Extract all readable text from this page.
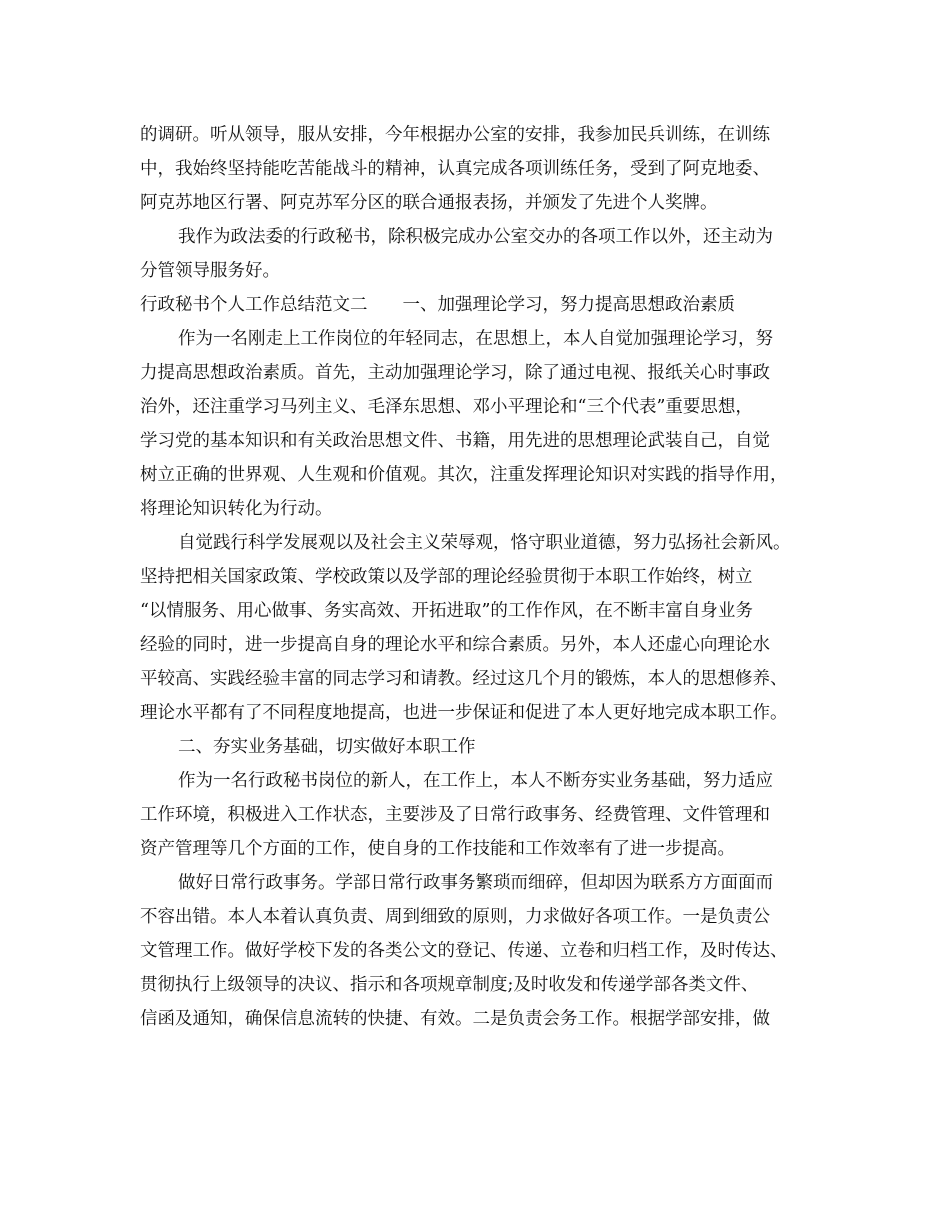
的调研。听从领导，服从安排，今年根据办公室的安排，我参加民兵训练，在训练
中，我始终坚持能吃苦能战斗的精神，认真完成各项训练任务，受到了阿克地委、
阿克苏地区行署、阿克苏军分区的联合通报表扬，并颁发了先进个人奖牌。
我作为政法委的行政秘书，除积极完成办公室交办的各项工作以外，还主动为
分管领导服务好。
行政秘书个人工作总结范文二　　一、加强理论学习，努力提高思想政治素质
作为一名刚走上工作岗位的年轻同志，在思想上，本人自觉加强理论学习，努
力提高思想政治素质。首先，主动加强理论学习，除了通过电视、报纸关心时事政
治外，还注重学习马列主义、毛泽东思想、邓小平理论和“三个代表”重要思想，
学习党的基本知识和有关政治思想文件、书籍，用先进的思想理论武装自己，自觉
树立正确的世界观、人生观和价值观。其次，注重发挥理论知识对实践的指导作用，
将理论知识转化为行动。
自觉践行科学发展观以及社会主义荣辱观，恪守职业道德，努力弘扬社会新风。
坚持把相关国家政策、学校政策以及学部的理论经验贯彻于本职工作始终，树立
“以情服务、用心做事、务实高效、开拓进取”的工作作风，在不断丰富自身业务
经验的同时，进一步提高自身的理论水平和综合素质。另外，本人还虚心向理论水
平较高、实践经验丰富的同志学习和请教。经过这几个月的锻炼，本人的思想修养、
理论水平都有了不同程度地提高，也进一步保证和促进了本人更好地完成本职工作。
二、夯实业务基础，切实做好本职工作
作为一名行政秘书岗位的新人，在工作上，本人不断夯实业务基础，努力适应
工作环境，积极进入工作状态，主要涉及了日常行政事务、经费管理、文件管理和
资产管理等几个方面的工作，使自身的工作技能和工作效率有了进一步提高。
做好日常行政事务。学部日常行政事务繁琐而细碎，但却因为联系方方面面而
不容出错。本人本着认真负责、周到细致的原则，力求做好各项工作。一是负责公
文管理工作。做好学校下发的各类公文的登记、传递、立卷和归档工作，及时传达、
贯彻执行上级领导的决议、指示和各项规章制度;及时收发和传递学部各类文件、
信函及通知，确保信息流转的快捷、有效。二是负责会务工作。根据学部安排，做
